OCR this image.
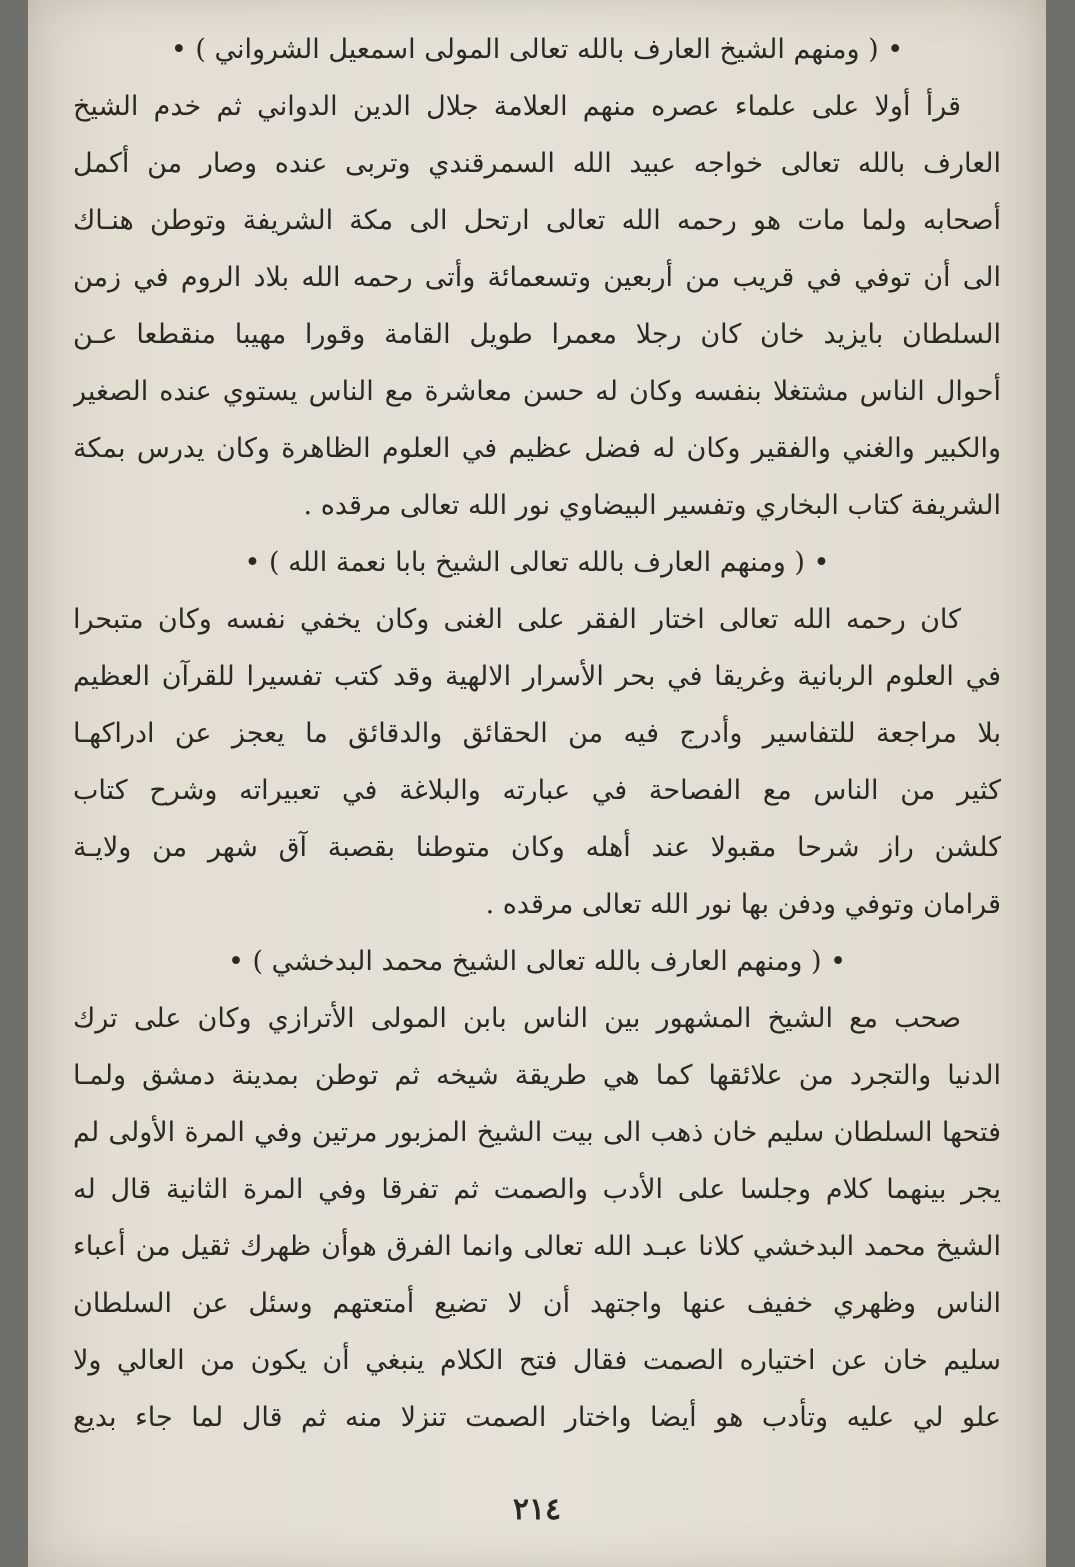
• ( ومنهم الشيخ العارف بالله تعالى المولى اسمعيل الشرواني ) •
قرأ أولا على علماء عصره منهم العلامة جلال الدين الدواني ثم خدم الشيخ
العارف بالله تعالى خواجه عبيد الله السمرقندي وتربى عنده وصار من أكمل
أصحابه ولما مات هو رحمه الله تعالى ارتحل الى مكة الشريفة وتوطن هنـاك
الى أن توفي في قريب من أربعين وتسعمائة وأتى رحمه الله بلاد الروم في زمن
السلطان بايزيد خان كان رجلا معمرا طويل القامة وقورا مهيبا منقطعا عـن
أحوال الناس مشتغلا بنفسه وكان له حسن معاشرة مع الناس يستوي عنده الصغير
والكبير والغني والفقير وكان له فضل عظيم في العلوم الظاهرة وكان يدرس بمكة
الشريفة كتاب البخاري وتفسير البيضاوي نور الله تعالى مرقده .
• ( ومنهم العارف بالله تعالى الشيخ بابا نعمة الله ) •
كان رحمه الله تعالى اختار الفقر على الغنى وكان يخفي نفسه وكان متبحرا
في العلوم الربانية وغريقا في بحر الأسرار الالهية وقد كتب تفسيرا للقرآن العظيم
بلا مراجعة للتفاسير وأدرج فيه من الحقائق والدقائق ما يعجز عن ادراكهـا
كثير من الناس مع الفصاحة في عبارته والبلاغة في تعبيراته وشرح كتاب
كلشن راز شرحا مقبولا عند أهله وكان متوطنا بقصبة آق شهر من ولايـة
قرامان وتوفي ودفن بها نور الله تعالى مرقده .
• ( ومنهم العارف بالله تعالى الشيخ محمد البدخشي ) •
صحب مع الشيخ المشهور بين الناس بابن المولى الأترازي وكان على ترك
الدنيا والتجرد من علائقها كما هي طريقة شيخه ثم توطن بمدينة دمشق ولمـا
فتحها السلطان سليم خان ذهب الى بيت الشيخ المزبور مرتين وفي المرة الأولى لم
يجر بينهما كلام وجلسا على الأدب والصمت ثم تفرقا وفي المرة الثانية قال له
الشيخ محمد البدخشي كلانا عبـد الله تعالى وانما الفرق هوأن ظهرك ثقيل من أعباء
الناس وظهري خفيف عنها واجتهد أن لا تضيع أمتعتهم وسئل عن السلطان
سليم خان عن اختياره الصمت فقال فتح الكلام ينبغي أن يكون من العالي ولا
علو لي عليه وتأدب هو أيضا واختار الصمت تنزلا منه ثم قال لما جاء بديع
٢١٤
